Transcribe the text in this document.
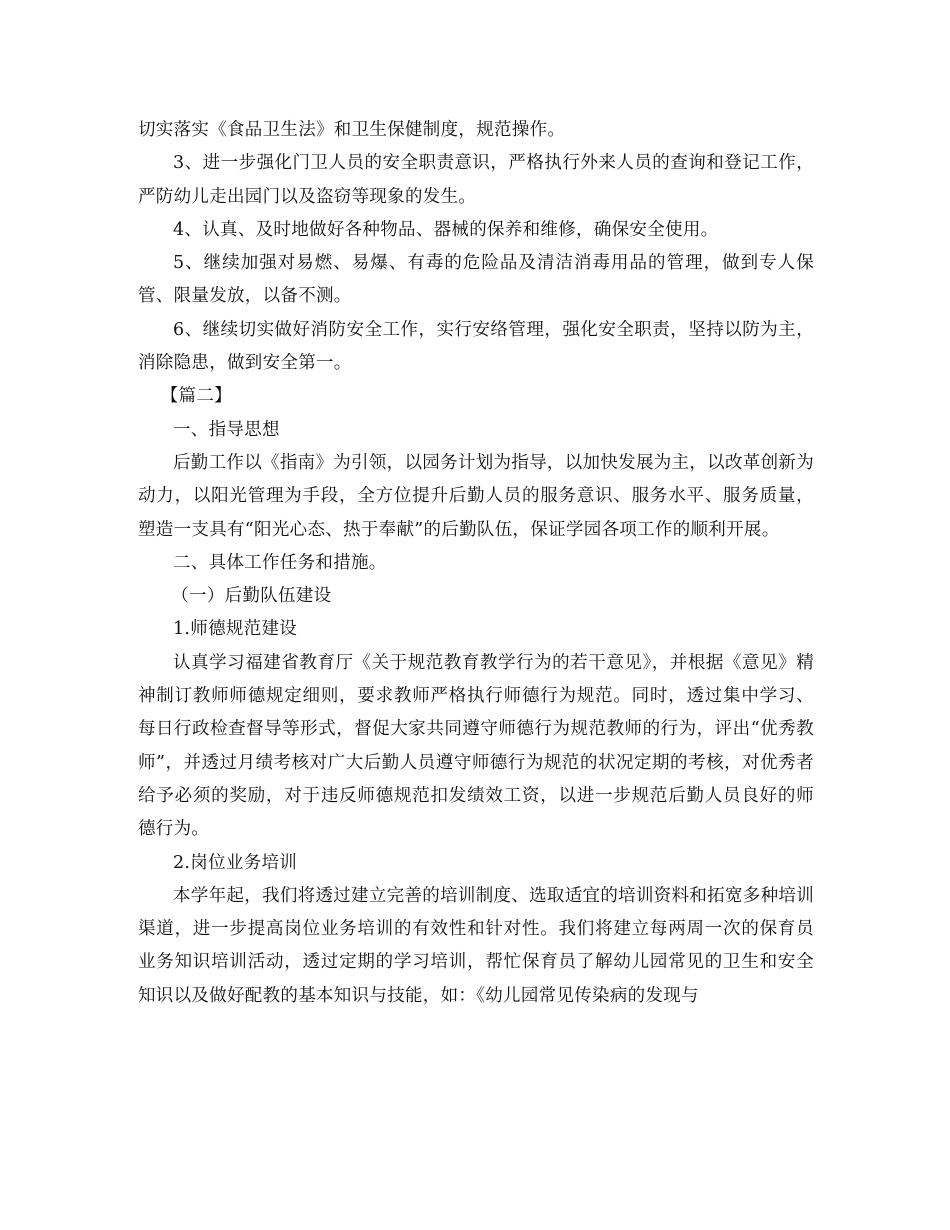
切实落实《食品卫生法》和卫生保健制度，规范操作。

3、进一步强化门卫人员的安全职责意识，严格执行外来人员的查询和登记工作，严防幼儿走出园门以及盗窃等现象的发生。

4、认真、及时地做好各种物品、器械的保养和维修，确保安全使用。

5、继续加强对易燃、易爆、有毒的危险品及清洁消毒用品的管理，做到专人保管、限量发放，以备不测。

6、继续切实做好消防安全工作，实行安络管理，强化安全职责，坚持以防为主，消除隐患，做到安全第一。

【篇二】

一、指导思想

后勤工作以《指南》为引领，以园务计划为指导，以加快发展为主，以改革创新为动力，以阳光管理为手段，全方位提升后勤人员的服务意识、服务水平、服务质量，塑造一支具有“阳光心态、热于奉献”的后勤队伍，保证学园各项工作的顺利开展。

二、具体工作任务和措施。

（一）后勤队伍建设

1.师德规范建设

认真学习福建省教育厅《关于规范教育教学行为的若干意见》，并根据《意见》精神制订教师师德规定细则，要求教师严格执行师德行为规范。同时，透过集中学习、每日行政检查督导等形式，督促大家共同遵守师德行为规范教师的行为，评出“优秀教师”，并透过月绩考核对广大后勤人员遵守师德行为规范的状况定期的考核，对优秀者给予必须的奖励，对于违反师德规范扣发绩效工资，以进一步规范后勤人员良好的师德行为。

2.岗位业务培训

本学年起，我们将透过建立完善的培训制度、选取适宜的培训资料和拓宽多种培训渠道，进一步提高岗位业务培训的有效性和针对性。我们将建立每两周一次的保育员业务知识培训活动，透过定期的学习培训，帮忙保育员了解幼儿园常见的卫生和安全知识以及做好配教的基本知识与技能，如：《幼儿园常见传染病的发现与
